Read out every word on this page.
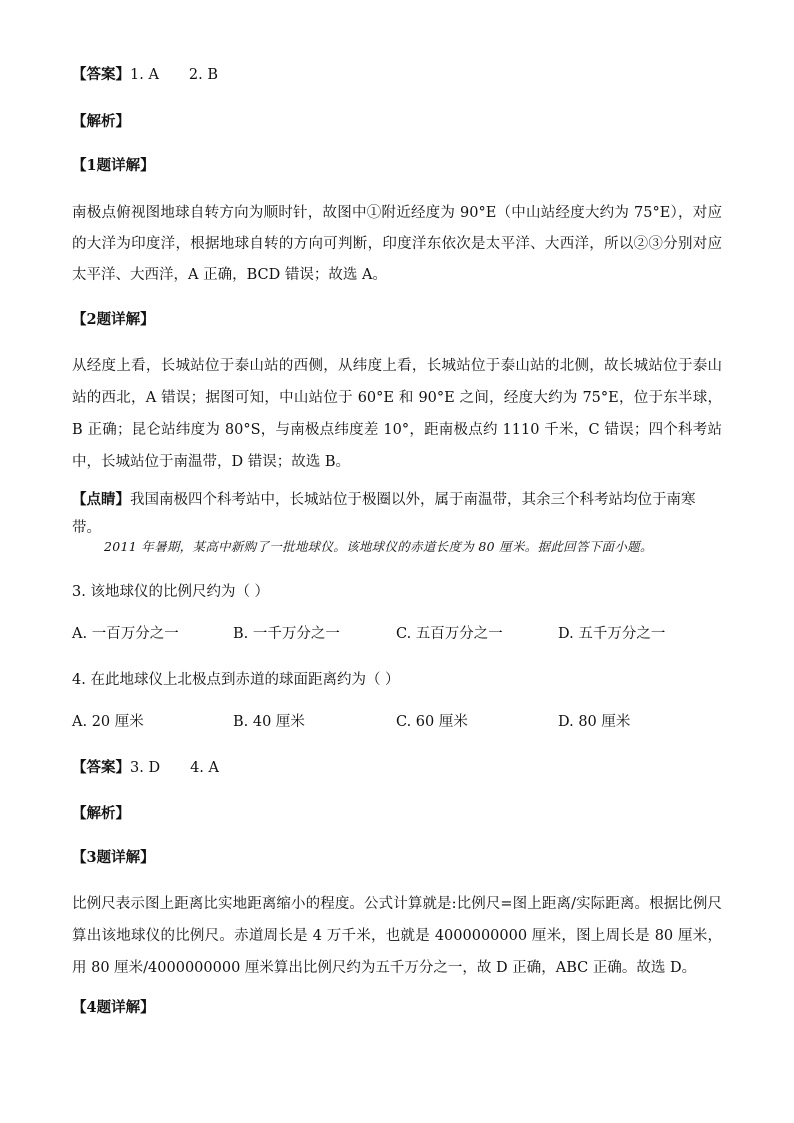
【答案】1. A 2. B
【解析】
【1题详解】
南极点俯视图地球自转方向为顺时针，故图中①附近经度为 90°E（中山站经度大约为 75°E），对应的大洋为印度洋，根据地球自转的方向可判断，印度洋东依次是太平洋、大西洋，所以②③分别对应太平洋、大西洋，A 正确，BCD 错误；故选 A。
【2题详解】
从经度上看，长城站位于泰山站的西侧，从纬度上看，长城站位于泰山站的北侧，故长城站位于泰山站的西北，A 错误；据图可知，中山站位于 60°E 和 90°E 之间，经度大约为 75°E，位于东半球，B 正确；昆仑站纬度为 80°S，与南极点纬度差 10°，距南极点约 1110 千米，C 错误；四个科考站中，长城站位于南温带，D 错误；故选 B。
【点睛】我国南极四个科考站中，长城站位于极圈以外，属于南温带，其余三个科考站均位于南寒带。
2011 年暑期，某高中新购了一批地球仪。该地球仪的赤道长度为 80 厘米。据此回答下面小题。
3. 该地球仪的比例尺约为（ ）
A. 一百万分之一	B. 一千万分之一	C. 五百万分之一	D. 五千万分之一
4. 在此地球仪上北极点到赤道的球面距离约为（ ）
A. 20 厘米	B. 40 厘米	C. 60 厘米	D. 80 厘米
【答案】3. D 4. A
【解析】
【3题详解】
比例尺表示图上距离比实地距离缩小的程度。公式计算就是:比例尺=图上距离/实际距离。根据比例尺算出该地球仪的比例尺。赤道周长是 4 万千米，也就是 4000000000 厘米，图上周长是 80 厘米，用 80 厘米/4000000000 厘米算出比例尺约为五千万分之一，故 D 正确，ABC 正确。故选 D。
【4题详解】
